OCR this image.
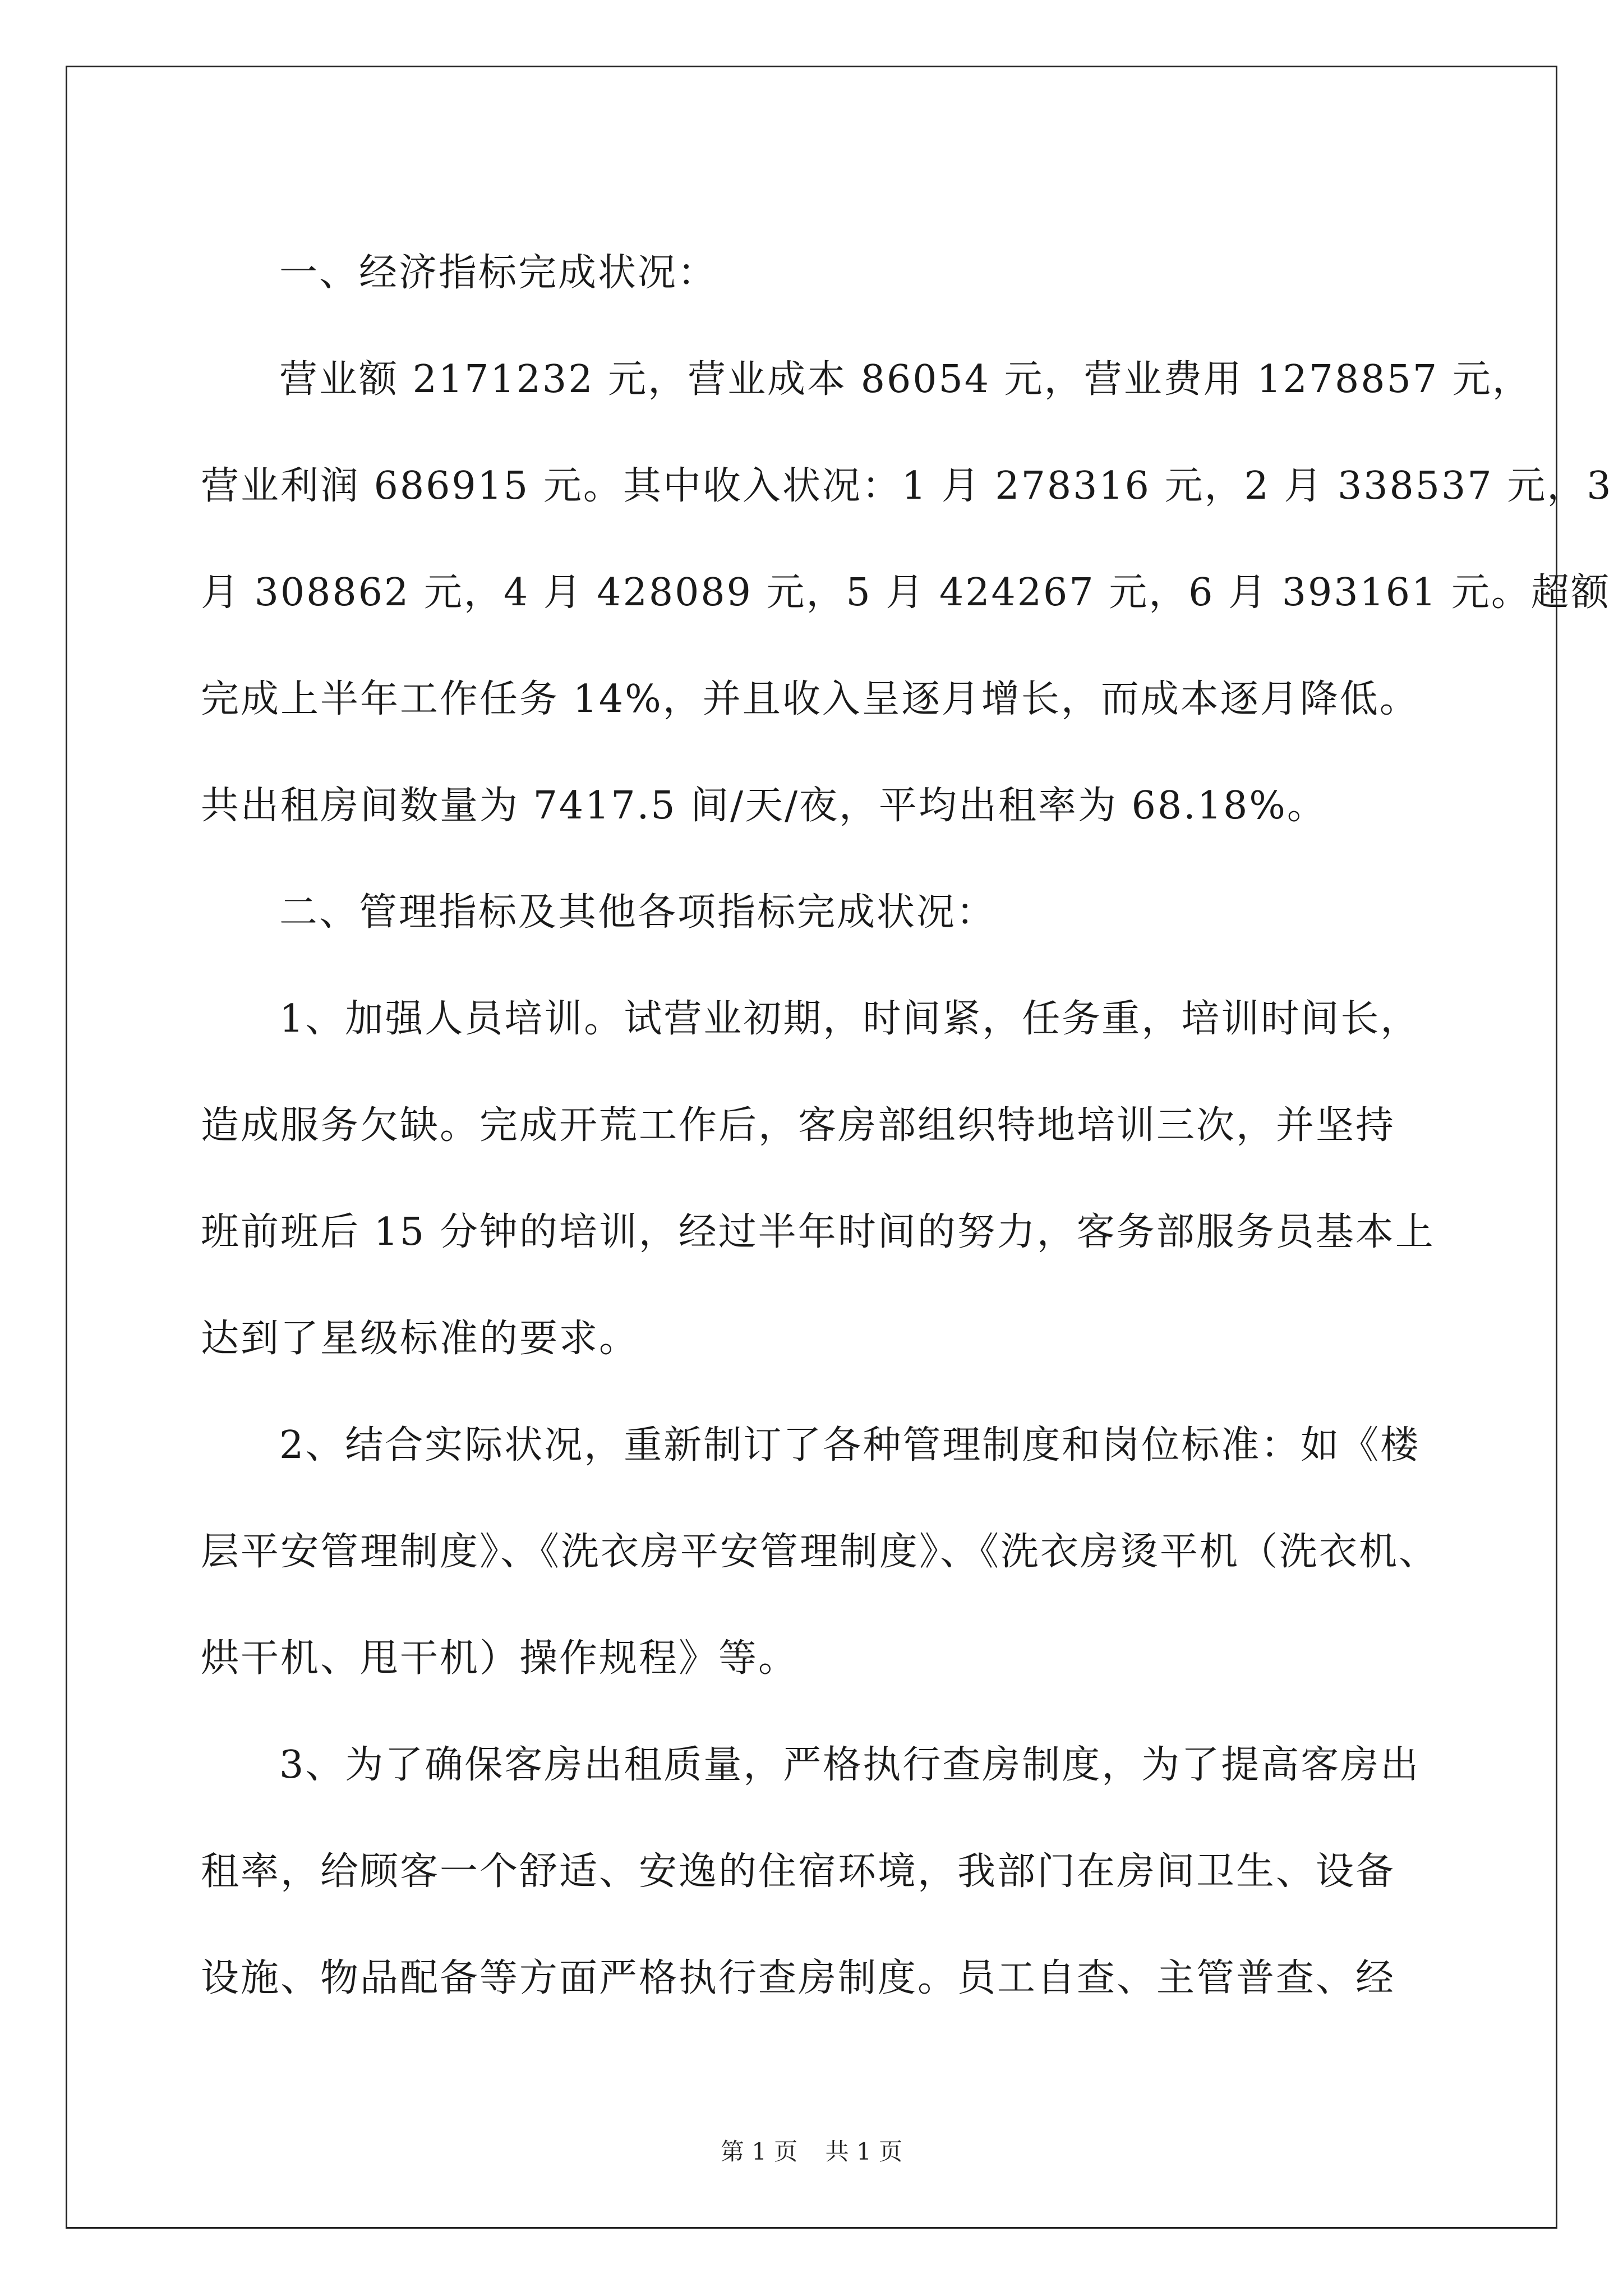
一、经济指标完成状况：
营业额 2171232 元，营业成本 86054 元，营业费用 1278857 元，
营业利润 686915 元。其中收入状况：1 月 278316 元，2 月 338537 元，3
月 308862 元，4 月 428089 元，5 月 424267 元，6 月 393161 元。超额
完成上半年工作任务 14%，并且收入呈逐月增长，而成本逐月降低。
共出租房间数量为 7417.5 间/天/夜，平均出租率为 68.18%。
二、管理指标及其他各项指标完成状况：
1、加强人员培训。试营业初期，时间紧，任务重，培训时间长，
造成服务欠缺。完成开荒工作后，客房部组织特地培训三次，并坚持
班前班后 15 分钟的培训，经过半年时间的努力，客务部服务员基本上
达到了星级标准的要求。
2、结合实际状况，重新制订了各种管理制度和岗位标准：如《楼
层平安管理制度》、《洗衣房平安管理制度》、《洗衣房烫平机（洗衣机、
烘干机、甩干机）操作规程》等。
3、为了确保客房出租质量，严格执行查房制度，为了提高客房出
租率，给顾客一个舒适、安逸的住宿环境，我部门在房间卫生、设备
设施、物品配备等方面严格执行查房制度。员工自查、主管普查、经
第 1 页 共 1 页
